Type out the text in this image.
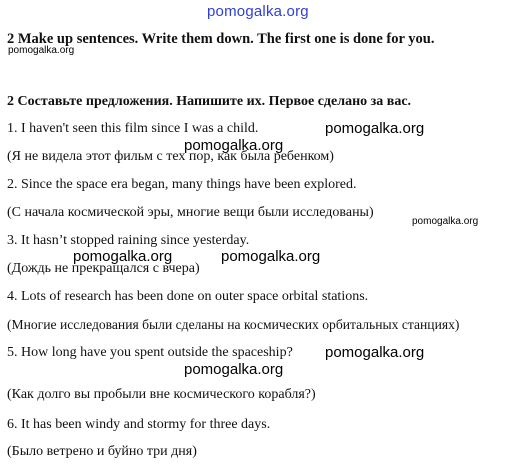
pomogalka.org
2 Make up sentences. Write them down. The first one is done for you.
pomogalka.org
2 Составьте предложения. Напишите их. Первое сделано за вас.
1. I haven't seen this film since I was a child.	pomogalka.org
pomogalka.org
(Я не видела этот фильм с тех пор, как была ребенком)
2. Since the space era began, many things have been explored.
(С начала космической эры, многие вещи были исследованы)
pomogalka.org
3. It hasn’t stopped raining since yesterday.
pomogalka.org	pomogalka.org
(Дождь не прекращался с вчера)
4. Lots of research has been done on outer space orbital stations.
(Многие исследования были сделаны на космических орбитальных станциях)
5. How long have you spent outside the spaceship? pomogalka.org
pomogalka.org
(Как долго вы пробыли вне космического корабля?)
6. It has been windy and stormy for three days.
(Было ветрено и буйно три дня)
